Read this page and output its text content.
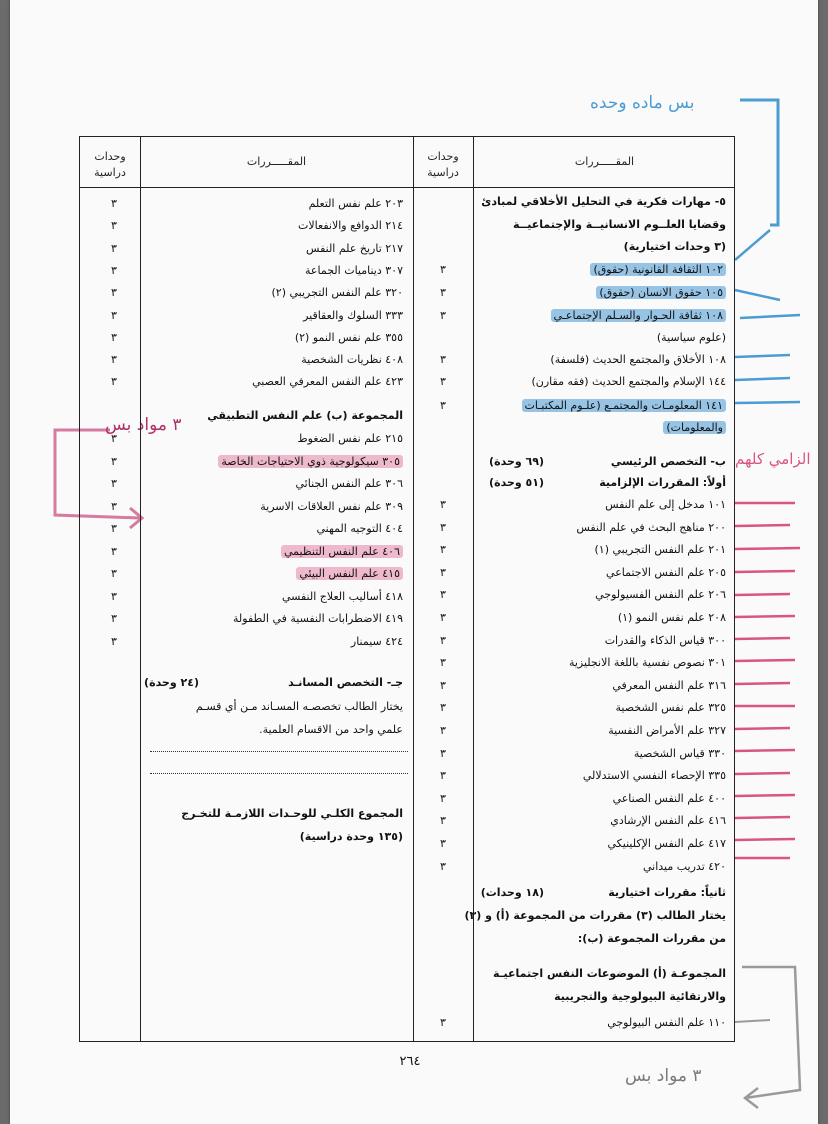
بس ماده وحده
الزامي كلهم
٣ مواد بس
٣ مواد بس
وحدات
دراسية
المقـــــررات	وحدات
دراسية
المقـــــررات
٥- مهارات فكرية في التحليل الأخلاقي لمبادئ
وقضايا العلــوم الانسانيــة والإجتماعيــة
(٣ وحدات اختيارية)
١٠٢ الثقافة القانونية (حقوق)
٣
١٠٥ حقوق الانسان (حقوق)
٣
١٠٨ ثقافة الحـوار والسـلم الإجتماعـي
٣
(علوم سياسية)
١٠٨ الأخلاق والمجتمع الحديث (فلسفة)
٣
١٤٤ الإسلام والمجتمع الحديث (فقه مقارن)
٣
١٤١ المعلومـات والمجتمـع (علـوم المكتبـات
٣
والمعلومات)
ب- التخصص الرئيسي
(٦٩ وحدة)
أولاً: المقررات الإلزامية
(٥١ وحدة)
١٠١ مدخل إلى علم النفس
٣
٢٠٠ مناهج البحث في علم النفس
٣
٢٠١ علم النفس التجريبي (١)
٣
٢٠٥ علم النفس الاجتماعي
٣
٢٠٦ علم النفس الفسيولوجي
٣
٢٠٨ علم نفس النمو (١)
٣
٣٠٠ قياس الذكاء والقدرات
٣
٣٠١ نصوص نفسية باللغة الانجليزية
٣
٣١٦ علم النفس المعرفي
٣
٣٢٥ علم نفس الشخصية
٣
٣٢٧ علم الأمراض النفسية
٣
٣٣٠ قياس الشخصية
٣
٣٣٥ الإحصاء النفسي الاستدلالي
٣
٤٠٠ علم النفس الصناعي
٣
٤١٦ علم النفس الإرشادي
٣
٤١٧ علم النفس الإكلينيكي
٣
٤٢٠ تدريب ميداني
٣
ثانياً: مقررات اختيارية
(١٨ وحدات)
يختار الطالب (٣) مقررات من المجموعة (أ) و (٣)
من مقررات المجموعة (ب):
المجموعـة (أ) الموضوعات النفس اجتماعيـة
والارتقائية البيولوجية والتجريبية
١١٠ علم النفس البيولوجي
٣
٢٠٣ علم نفس التعلم
٣
٢١٤ الدوافع والانفعالات
٣
٢١٧ تاريخ علم النفس
٣
٣٠٧ ديناميات الجماعة
٣
٣٢٠ علم النفس التجريبي (٢)
٣
٣٣٣ السلوك والعقاقير
٣
٣٥٥ علم نفس النمو (٢)
٣
٤٠٨ نظريات الشخصية
٣
٤٢٣ علم النفس المعرفي العصبي
٣
المجموعة (ب) علم النفس التطبيقي
٢١٥ علم نفس الضغوط
٣
٣٠٥ سيكولوجية ذوي الاحتياجات الخاصة
٣
٣٠٦ علم النفس الجنائي
٣
٣٠٩ علم نفس العلاقات الاسرية
٣
٤٠٤ التوجيه المهني
٣
٤٠٦ علم النفس التنظيمي
٣
٤١٥ علم النفس البيئي
٣
٤١٨ أساليب العلاج النفسي
٣
٤١٩ الاضطرابات النفسية في الطفولة
٣
٤٢٤ سيمنار
٣
جـ- التخصص المسانـد
(٢٤ وحدة)
يختار الطالب تخصصـه المسـاند مـن أي قسـم
علمي واحد من الاقسام العلمية.
المجموع الكلـي للوحـدات اللازمـة للتخـرج
(١٣٥ وحدة دراسية)
٢٦٤
